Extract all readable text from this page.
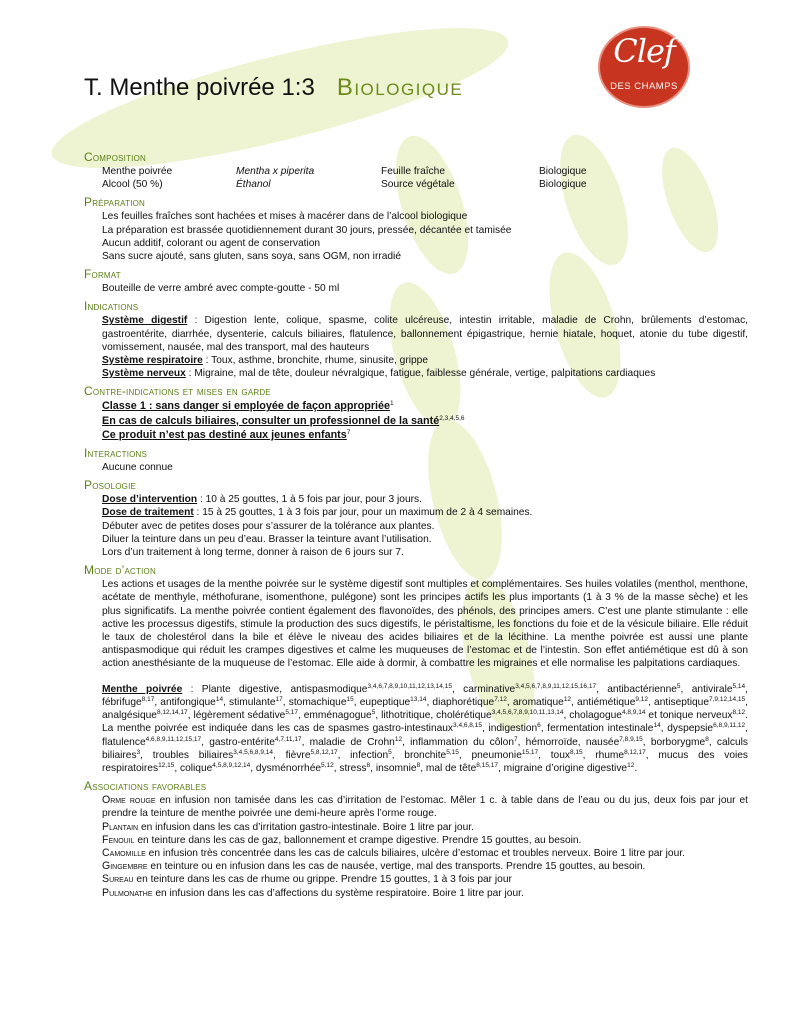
Clef
DES CHAMPS
T. Menthe poivrée 1:3 Biologique
Composition
Menthe poivrée	Mentha x piperita	Feuille fraîche	Biologique
Alcool (50 %)	Éthanol	Source végétale	Biologique
Préparation
Les feuilles fraîches sont hachées et mises à macérer dans de l’alcool biologique
La préparation est brassée quotidiennement durant 30 jours, pressée, décantée et tamisée
Aucun additif, colorant ou agent de conservation
Sans sucre ajouté, sans gluten, sans soya, sans OGM, non irradié
Format
Bouteille de verre ambré avec compte-goutte - 50 ml
Indications
Système digestif : Digestion lente, colique, spasme, colite ulcéreuse, intestin irritable, maladie de Crohn, brûlements d’estomac, gastroentérite, diarrhée, dysenterie, calculs biliaires, flatulence, ballonnement épigastrique, hernie hiatale, hoquet, atonie du tube digestif, vomissement, nausée, mal des transport, mal des hauteurs
Système respiratoire : Toux, asthme, bronchite, rhume, sinusite, grippe
Système nerveux : Migraine, mal de tête, douleur névralgique, fatigue, faiblesse générale, vertige, palpitations cardiaques
Contre-indications et mises en garde
Classe 1 : sans danger si employée de façon appropriée$^1$
En cas de calculs biliaires, consulter un professionnel de la santé$^{2,3,4,5,6}$
Ce produit n’est pas destiné aux jeunes enfants$^7$
Interactions
Aucune connue
Posologie
Dose d’intervention : 10 à 25 gouttes, 1 à 5 fois par jour, pour 3 jours.
Dose de traitement : 15 à 25 gouttes, 1 à 3 fois par jour, pour un maximum de 2 à 4 semaines.
Débuter avec de petites doses pour s’assurer de la tolérance aux plantes.
Diluer la teinture dans un peu d’eau. Brasser la teinture avant l’utilisation.
Lors d’un traitement à long terme, donner à raison de 6 jours sur 7.
Mode d’action
Les actions et usages de la menthe poivrée sur le système digestif sont multiples et complémentaires. Ses huiles volatiles (menthol, menthone, acétate de menthyle, méthofurane, isomenthone, pulégone) sont les principes actifs les plus importants (1 à 3 % de la masse sèche) et les plus significatifs. La menthe poivrée contient également des flavonoïdes, des phénols, des principes amers. C’est une plante stimulante : elle active les processus digestifs, stimule la production des sucs digestifs, le péristaltisme, les fonctions du foie et de la vésicule biliaire. Elle réduit le taux de cholestérol dans la bile et élève le niveau des acides biliaires et de la lécithine. La menthe poivrée est aussi une plante antispasmodique qui réduit les crampes digestives et calme les muqueuses de l’estomac et de l’intestin. Son effet antiémétique est dû à son action anesthésiante de la muqueuse de l’estomac. Elle aide à dormir, à combattre les migraines et elle normalise les palpitations cardiaques.
Menthe poivrée : Plante digestive, antispasmodique$^{3,4,6,7,8,9,10,11,12,13,14,15}$, carminative$^{3,4,5,6,7,8,9,11,12,15,16,17}$, antibactérienne$^5$, antivirale$^{5,14}$, fébrifuge$^{8,17}$, antifongique$^{14}$, stimulante$^{17}$, stomachique$^{15}$, eupeptique$^{13,14}$, diaphorétique$^{7,12}$, aromatique$^{12}$, antiémétique$^{9,12}$, antiseptique$^{7,9,12,14,15}$, analgésique$^{8,12,14,17}$, légèrement sédative$^{5,17}$, emménagogue$^5$, lithotritique, cholérétique$^{3,4,5,6,7,8,9,10,11,13,14}$, cholagogue$^{4,8,9,14}$ et tonique nerveux$^{8,12}$. La menthe poivrée est indiquée dans les cas de spasmes gastro-intestinaux$^{3,4,6,8,15}$, indigestion$^6$, fermentation intestinale$^{14}$, dyspepsie$^{6,8,9,11,12}$, flatulence$^{4,6,8,9,11,12,15,17}$, gastro-entérite$^{4,7,11,17}$, maladie de Crohn$^{12}$, inflammation du côlon$^7$, hémorroïde, nausée$^{7,8,9,15}$, borborygme$^8$, calculs biliaires$^3$, troubles biliaires$^{3,4,5,6,8,9,14}$, fièvre$^{5,8,12,17}$, infection$^5$, bronchite$^{5,15}$, pneumonie$^{15,17}$, toux$^{8,15}$, rhume$^{8,12,17}$, mucus des voies respiratoires$^{12,15}$, colique$^{4,5,8,9,12,14}$, dysménorrhée$^{5,12}$, stress$^8$, insomnie$^8$, mal de tête$^{8,15,17}$, migraine d’origine digestive$^{12}$.
Associations favorables
Orme rouge en infusion non tamisée dans les cas d’irritation de l’estomac. Mêler 1 c. à table dans de l’eau ou du jus, deux fois par jour et prendre la teinture de menthe poivrée une demi-heure après l’orme rouge.
Plantain en infusion dans les cas d’irritation gastro-intestinale. Boire 1 litre par jour.
Fenouil en teinture dans les cas de gaz, ballonnement et crampe digestive. Prendre 15 gouttes, au besoin.
Camomille en infusion très concentrée dans les cas de calculs biliaires, ulcère d’estomac et troubles nerveux. Boire 1 litre par jour.
Gingembre en teinture ou en infusion dans les cas de nausée, vertige, mal des transports. Prendre 15 gouttes, au besoin.
Sureau en teinture dans les cas de rhume ou grippe. Prendre 15 gouttes, 1 à 3 fois par jour
Pulmonathe en infusion dans les cas d’affections du système respiratoire. Boire 1 litre par jour.
